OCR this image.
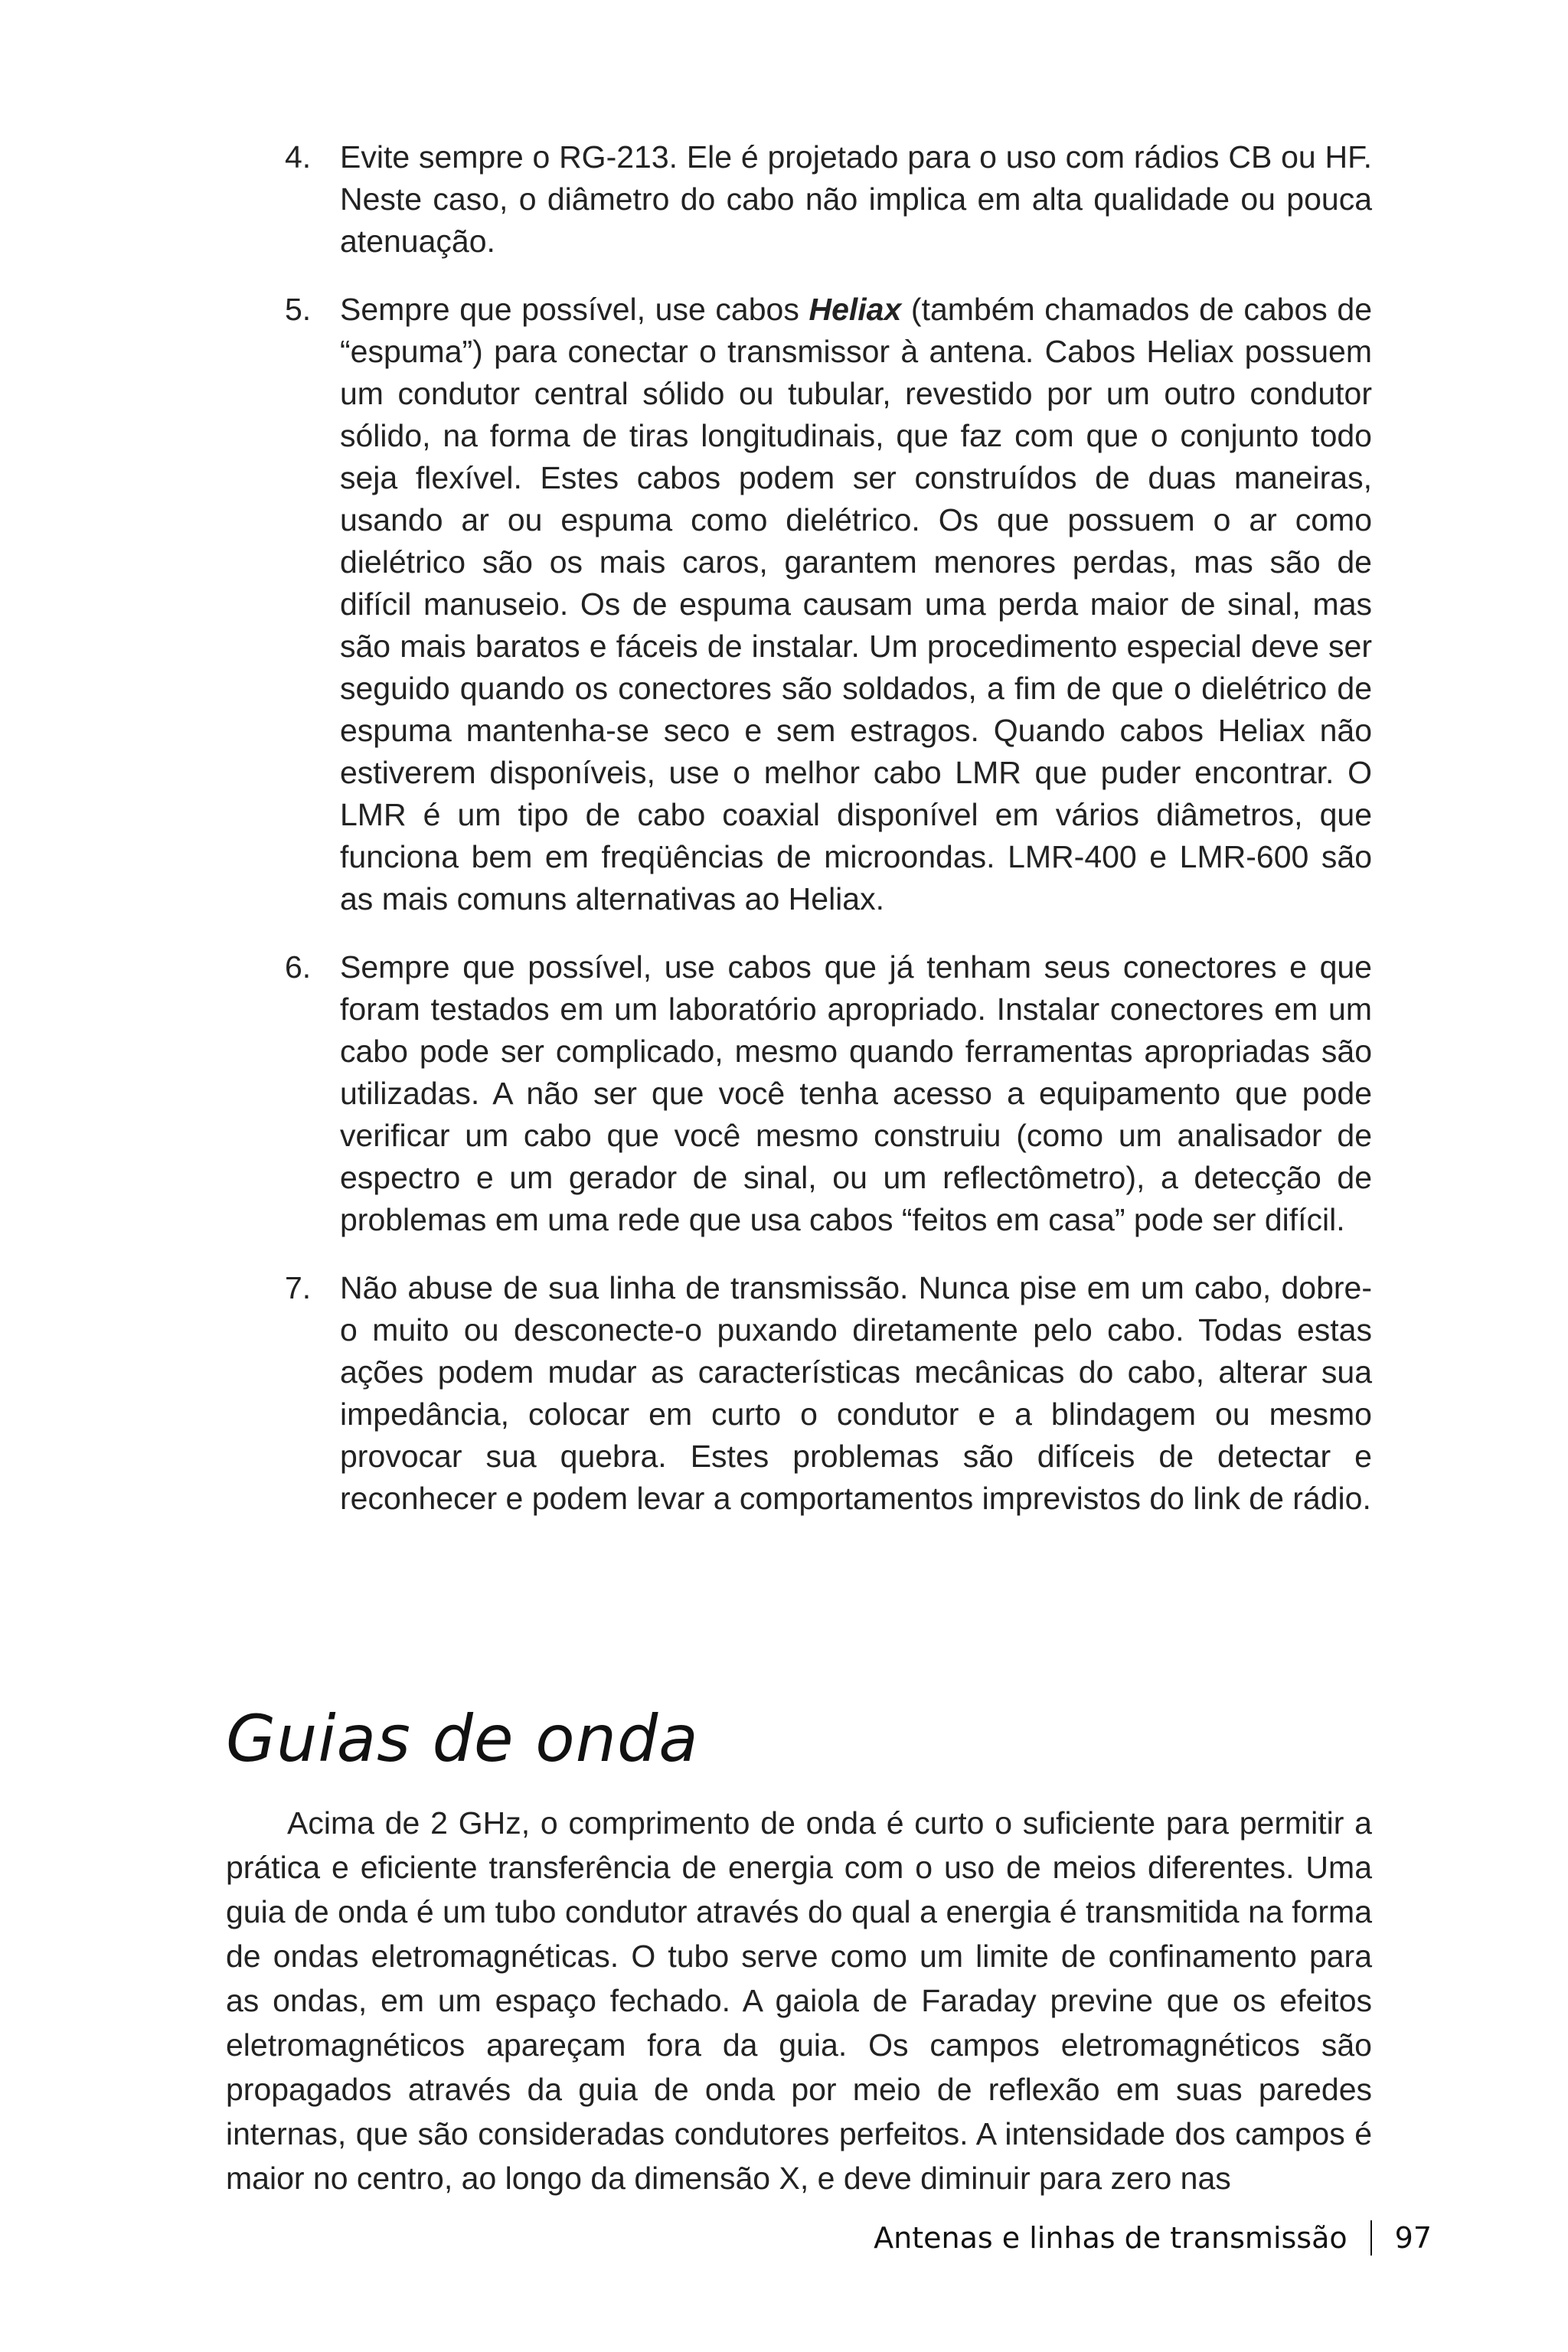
4. Evite sempre o RG-213. Ele é projetado para o uso com rádios CB ou HF. Neste caso, o diâmetro do cabo não implica em alta qualidade ou pouca atenuação.
5. Sempre que possível, use cabos Heliax (também chamados de cabos de “espuma”) para conectar o transmissor à antena. Cabos Heliax possuem um condutor central sólido ou tubular, revestido por um outro condutor sólido, na forma de tiras longitudinais, que faz com que o conjunto todo seja flexível. Estes cabos podem ser construídos de duas maneiras, usando ar ou espuma como dielétrico. Os que possuem o ar como dielétrico são os mais caros, garantem menores perdas, mas são de difícil manuseio. Os de espuma causam uma perda maior de sinal, mas são mais baratos e fáceis de instalar. Um procedimento especial deve ser seguido quando os conectores são soldados, a fim de que o dielétrico de espuma mantenha-se seco e sem estragos. Quando cabos Heliax não estiverem disponíveis, use o melhor cabo LMR que puder encontrar. O LMR é um tipo de cabo coaxial disponível em vários diâmetros, que funciona bem em freqüências de microondas. LMR-400 e LMR-600 são as mais comuns alternativas ao Heliax.
6. Sempre que possível, use cabos que já tenham seus conectores e que foram testados em um laboratório apropriado. Instalar conectores em um cabo pode ser complicado, mesmo quando ferramentas apropriadas são utilizadas. A não ser que você tenha acesso a equipamento que pode verificar um cabo que você mesmo construiu (como um analisador de espectro e um gerador de sinal, ou um reflectômetro), a detecção de problemas em uma rede que usa cabos “feitos em casa” pode ser difícil.
7. Não abuse de sua linha de transmissão. Nunca pise em um cabo, dobre-o muito ou desconecte-o puxando diretamente pelo cabo. Todas estas ações podem mudar as características mecânicas do cabo, alterar sua impedância, colocar em curto o condutor e a blindagem ou mesmo provocar sua quebra. Estes problemas são difíceis de detectar e reconhecer e podem levar a comportamentos imprevistos do link de rádio.
Guias de onda

Acima de 2 GHz, o comprimento de onda é curto o suficiente para permitir a prática e eficiente transferência de energia com o uso de meios diferentes. Uma guia de onda é um tubo condutor através do qual a energia é transmitida na forma de ondas eletromagnéticas. O tubo serve como um limite de confinamento para as ondas, em um espaço fechado. A gaiola de Faraday previne que os efeitos eletromagnéticos apareçam fora da guia. Os campos eletromagnéticos são propagados através da guia de onda por meio de reflexão em suas paredes internas, que são consideradas condutores perfeitos. A intensidade dos campos é maior no centro, ao longo da dimensão X, e deve diminuir para zero nas

Antenas e linhas de transmissão 97
